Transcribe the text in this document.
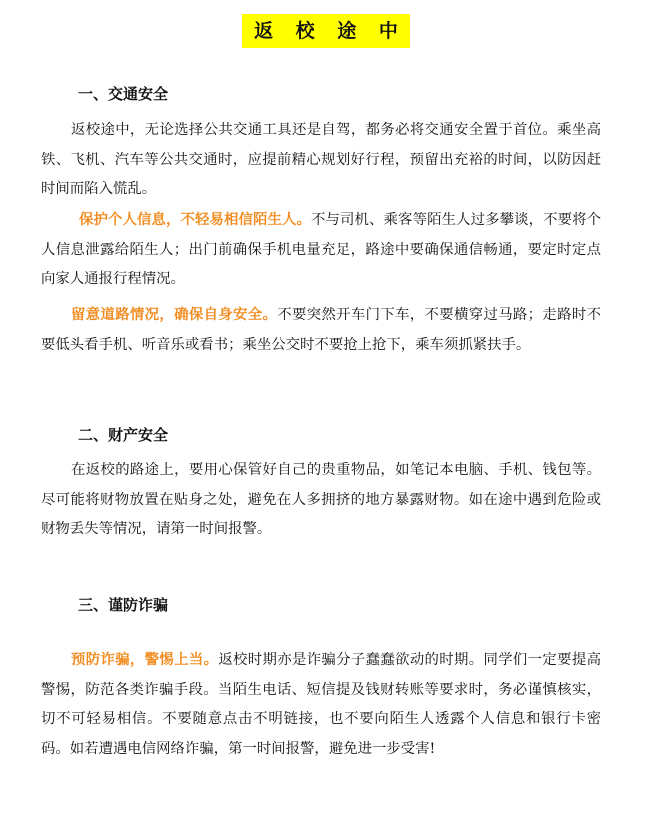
返 校 途 中
一、交通安全

返校途中，无论选择公共交通工具还是自驾，都务必将交通安全置于首位。乘坐高铁、飞机、汽车等公共交通时，应提前精心规划好行程，预留出充裕的时间，以防因赶时间而陷入慌乱。

保护个人信息，不轻易相信陌生人。不与司机、乘客等陌生人过多攀谈，不要将个人信息泄露给陌生人；出门前确保手机电量充足，路途中要确保通信畅通，要定时定点向家人通报行程情况。

留意道路情况，确保自身安全。不要突然开车门下车，不要横穿过马路；走路时不要低头看手机、听音乐或看书；乘坐公交时不要抢上抢下，乘车须抓紧扶手。

二、财产安全

在返校的路途上，要用心保管好自己的贵重物品，如笔记本电脑、手机、钱包等。尽可能将财物放置在贴身之处，避免在人多拥挤的地方暴露财物。如在途中遇到危险或财物丢失等情况，请第一时间报警。

三、谨防诈骗

预防诈骗，警惕上当。返校时期亦是诈骗分子蠢蠢欲动的时期。同学们一定要提高警惕，防范各类诈骗手段。当陌生电话、短信提及钱财转账等要求时，务必谨慎核实，切不可轻易相信。不要随意点击不明链接，也不要向陌生人透露个人信息和银行卡密码。如若遭遇电信网络诈骗，第一时间报警，避免进一步受害!
